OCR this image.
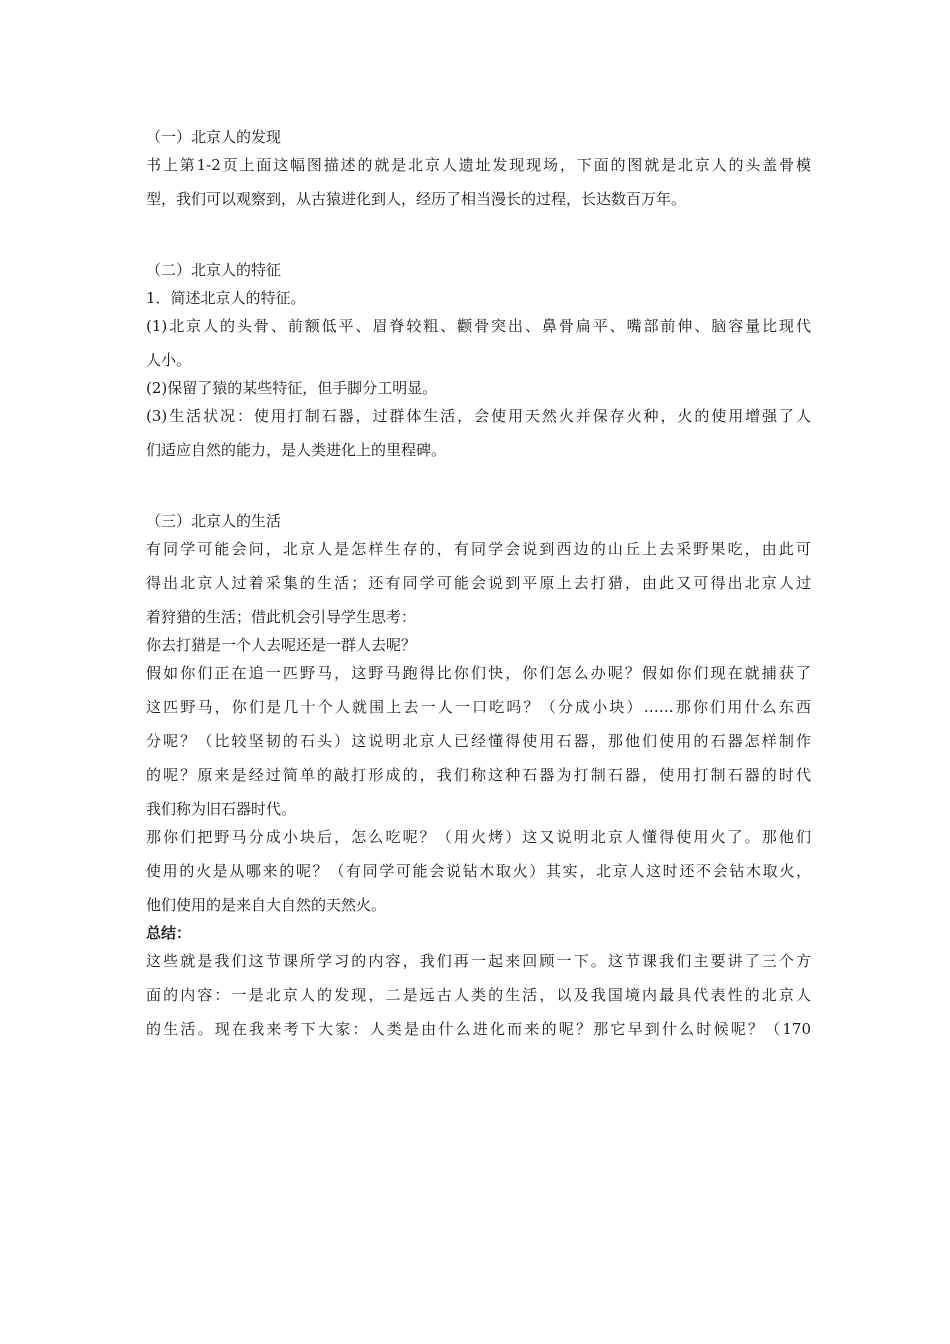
（一）北京人的发现
书上第1-2页上面这幅图描述的就是北京人遗址发现现场，下面的图就是北京人的头盖骨模
型，我们可以观察到，从古猿进化到人，经历了相当漫长的过程，长达数百万年。
（二）北京人的特征
1．简述北京人的特征。
(1)北京人的头骨、前额低平、眉脊较粗、颧骨突出、鼻骨扁平、嘴部前伸、脑容量比现代
人小。
(2)保留了猿的某些特征，但手脚分工明显。
(3)生活状况：使用打制石器，过群体生活，会使用天然火并保存火种，火的使用增强了人
们适应自然的能力，是人类进化上的里程碑。
（三）北京人的生活
有同学可能会问，北京人是怎样生存的，有同学会说到西边的山丘上去采野果吃，由此可
得出北京人过着采集的生活；还有同学可能会说到平原上去打猎，由此又可得出北京人过
着狩猎的生活；借此机会引导学生思考：
你去打猎是一个人去呢还是一群人去呢？
假如你们正在追一匹野马，这野马跑得比你们快，你们怎么办呢？假如你们现在就捕获了
这匹野马，你们是几十个人就围上去一人一口吃吗？（分成小块）……那你们用什么东西
分呢？（比较坚韧的石头）这说明北京人已经懂得使用石器，那他们使用的石器怎样制作
的呢？原来是经过简单的敲打形成的，我们称这种石器为打制石器，使用打制石器的时代
我们称为旧石器时代。
那你们把野马分成小块后，怎么吃呢？（用火烤）这又说明北京人懂得使用火了。那他们
使用的火是从哪来的呢？（有同学可能会说钻木取火）其实，北京人这时还不会钻木取火，
他们使用的是来自大自然的天然火。
总结：
这些就是我们这节课所学习的内容，我们再一起来回顾一下。这节课我们主要讲了三个方
面的内容：一是北京人的发现，二是远古人类的生活，以及我国境内最具代表性的北京人
的生活。现在我来考下大家：人类是由什么进化而来的呢？那它早到什么时候呢？（170
